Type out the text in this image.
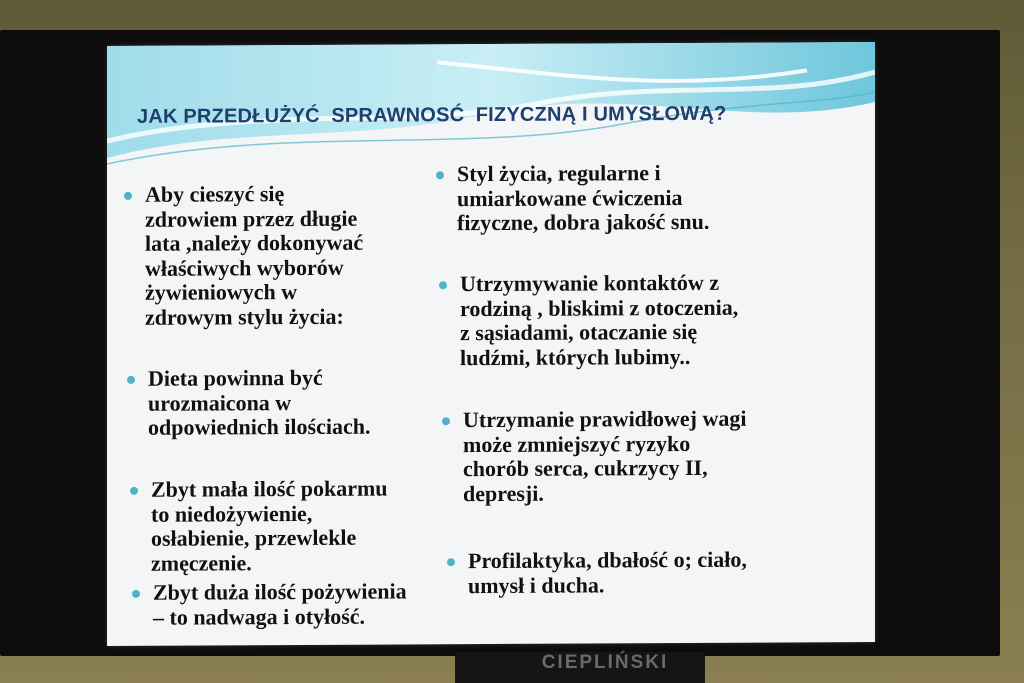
JAK PRZEDŁUŻYĆ  SPRAWNOSĆ  FIZYCZNĄ I UMYSŁOWĄ?
Aby cieszyć się
zdrowiem przez długie
lata ,należy dokonywać
właściwych wyborów
żywieniowych w
zdrowym stylu życia:
Dieta powinna być
urozmaicona w
odpowiednich ilościach.
Zbyt mała ilość pokarmu
to niedożywienie,
osłabienie, przewlekle
zmęczenie.
Zbyt duża ilość pożywienia
– to nadwaga i otyłość.
Styl życia, regularne i
umiarkowane ćwiczenia
fizyczne, dobra jakość snu.
Utrzymywanie kontaktów z
rodziną , bliskimi z otoczenia,
z sąsiadami, otaczanie się
ludźmi, których lubimy..
Utrzymanie prawidłowej wagi
może zmniejszyć ryzyko
chorób serca, cukrzycy II,
depresji.
Profilaktyka, dbałość o; ciało,
umysł i ducha.
CIEPLIŃSKI
